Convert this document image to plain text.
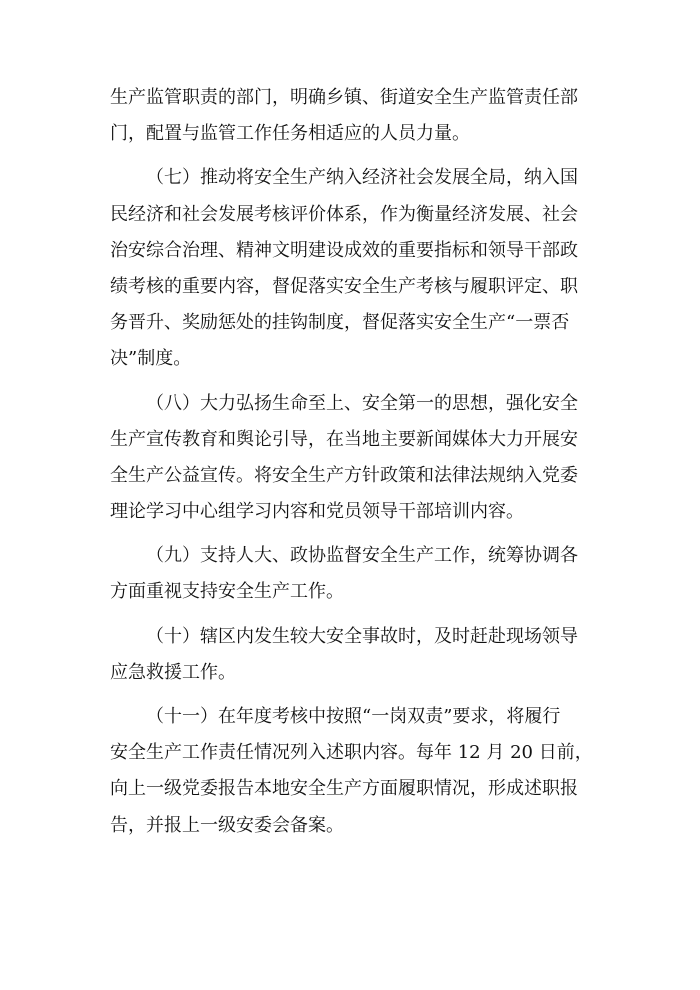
生产监管职责的部门，明确乡镇、街道安全生产监管责任部
门，配置与监管工作任务相适应的人员力量。
（七）推动将安全生产纳入经济社会发展全局，纳入国
民经济和社会发展考核评价体系，作为衡量经济发展、社会
治安综合治理、精神文明建设成效的重要指标和领导干部政
绩考核的重要内容，督促落实安全生产考核与履职评定、职
务晋升、奖励惩处的挂钩制度，督促落实安全生产“一票否
决”制度。
（八）大力弘扬生命至上、安全第一的思想，强化安全
生产宣传教育和舆论引导，在当地主要新闻媒体大力开展安
全生产公益宣传。将安全生产方针政策和法律法规纳入党委
理论学习中心组学习内容和党员领导干部培训内容。
（九）支持人大、政协监督安全生产工作，统筹协调各
方面重视支持安全生产工作。
（十）辖区内发生较大安全事故时，及时赶赴现场领导
应急救援工作。
（十一）在年度考核中按照“一岗双责”要求，将履行
安全生产工作责任情况列入述职内容。每年 12 月 20 日前，
向上一级党委报告本地安全生产方面履职情况，形成述职报
告，并报上一级安委会备案。
